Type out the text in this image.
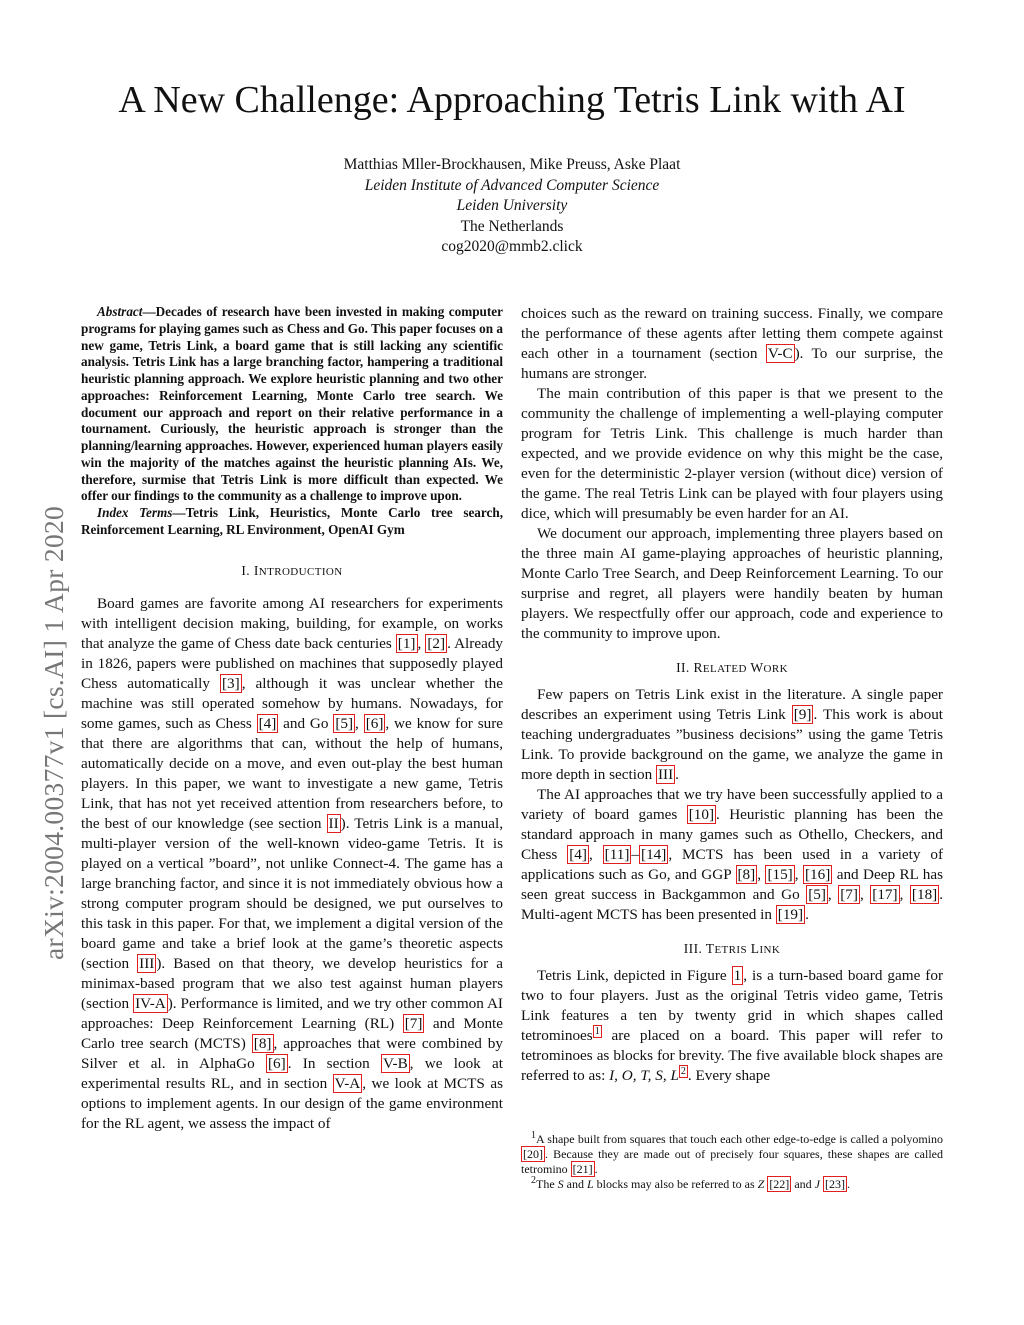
arXiv:2004.00377v1 [cs.AI] 1 Apr 2020
A New Challenge: Approaching Tetris Link with AI
Matthias Mller-Brockhausen, Mike Preuss, Aske Plaat
Leiden Institute of Advanced Computer Science
Leiden University
The Netherlands
cog2020@mmb2.click

Abstract—Decades of research have been invested in making computer programs for playing games such as Chess and Go. This paper focuses on a new game, Tetris Link, a board game that is still lacking any scientific analysis. Tetris Link has a large branching factor, hampering a traditional heuristic planning approach. We explore heuristic planning and two other approaches: Reinforcement Learning, Monte Carlo tree search. We document our approach and report on their relative performance in a tournament. Curiously, the heuristic approach is stronger than the planning/learning approaches. However, experienced human players easily win the majority of the matches against the heuristic planning AIs. We, therefore, surmise that Tetris Link is more difficult than expected. We offer our findings to the community as a challenge to improve upon.

Index Terms—Tetris Link, Heuristics, Monte Carlo tree search, Reinforcement Learning, RL Environment, OpenAI Gym

I. INTRODUCTION

Board games are favorite among AI researchers for experiments with intelligent decision making, building, for example, on works that analyze the game of Chess date back centuries [1] , [2] . Already in 1826, papers were published on machines that supposedly played Chess automatically [3] , although it was unclear whether the machine was still operated somehow by humans. Nowadays, for some games, such as Chess [4] and Go [5] , [6] , we know for sure that there are algorithms that can, without the help of humans, automatically decide on a move, and even out-play the best human players. In this paper, we want to investigate a new game, Tetris Link, that has not yet received attention from researchers before, to the best of our knowledge (see section II ). Tetris Link is a manual, multi-player version of the well-known video-game Tetris. It is played on a vertical ”board”, not unlike Connect-4. The game has a large branching factor, and since it is not immediately obvious how a strong computer program should be designed, we put ourselves to this task in this paper. For that, we implement a digital version of the board game and take a brief look at the game’s theoretic aspects (section III ). Based on that theory, we develop heuristics for a minimax-based program that we also test against human players (section IV-A ). Performance is limited, and we try other common AI approaches: Deep Reinforcement Learning (RL) [7] and Monte Carlo tree search (MCTS) [8] , approaches that were combined by Silver et al. in AlphaGo [6] . In section V-B , we look at experimental results RL, and in section V-A , we look at MCTS as options to implement agents. In our design of the game environment for the RL agent, we assess the impact of

choices such as the reward on training success. Finally, we compare the performance of these agents after letting them compete against each other in a tournament (section V-C ). To our surprise, the humans are stronger.

The main contribution of this paper is that we present to the community the challenge of implementing a well-playing computer program for Tetris Link. This challenge is much harder than expected, and we provide evidence on why this might be the case, even for the deterministic 2-player version (without dice) version of the game. The real Tetris Link can be played with four players using dice, which will presumably be even harder for an AI.

We document our approach, implementing three players based on the three main AI game-playing approaches of heuristic planning, Monte Carlo Tree Search, and Deep Reinforcement Learning. To our surprise and regret, all players were handily beaten by human players. We respectfully offer our approach, code and experience to the community to improve upon.

II. RELATED WORK

Few papers on Tetris Link exist in the literature. A single paper describes an experiment using Tetris Link [9] . This work is about teaching undergraduates ”business decisions” using the game Tetris Link. To provide background on the game, we analyze the game in more depth in section III .

The AI approaches that we try have been successfully applied to a variety of board games [10] . Heuristic planning has been the standard approach in many games such as Othello, Checkers, and Chess [4] , [11] – [14] , MCTS has been used in a variety of applications such as Go, and GGP [8] , [15] , [16] and Deep RL has seen great success in Backgammon and Go [5] , [7] , [17] , [18] . Multi-agent MCTS has been presented in [19] .

III. TETRIS LINK

Tetris Link, depicted in Figure 1 , is a turn-based board game for two to four players. Just as the original Tetris video game, Tetris Link features a ten by twenty grid in which shapes called tetrominoes $^1$ are placed on a board. This paper will refer to tetrominoes as blocks for brevity. The five available block shapes are referred to as: I, O, T, S, L $^2$ . Every shape

$^1$A shape built from squares that touch each other edge-to-edge is called a polyomino [20] . Because they are made out of precisely four squares, these shapes are called tetromino [21] .

$^2$The S and L blocks may also be referred to as Z [22] and J [23] .
